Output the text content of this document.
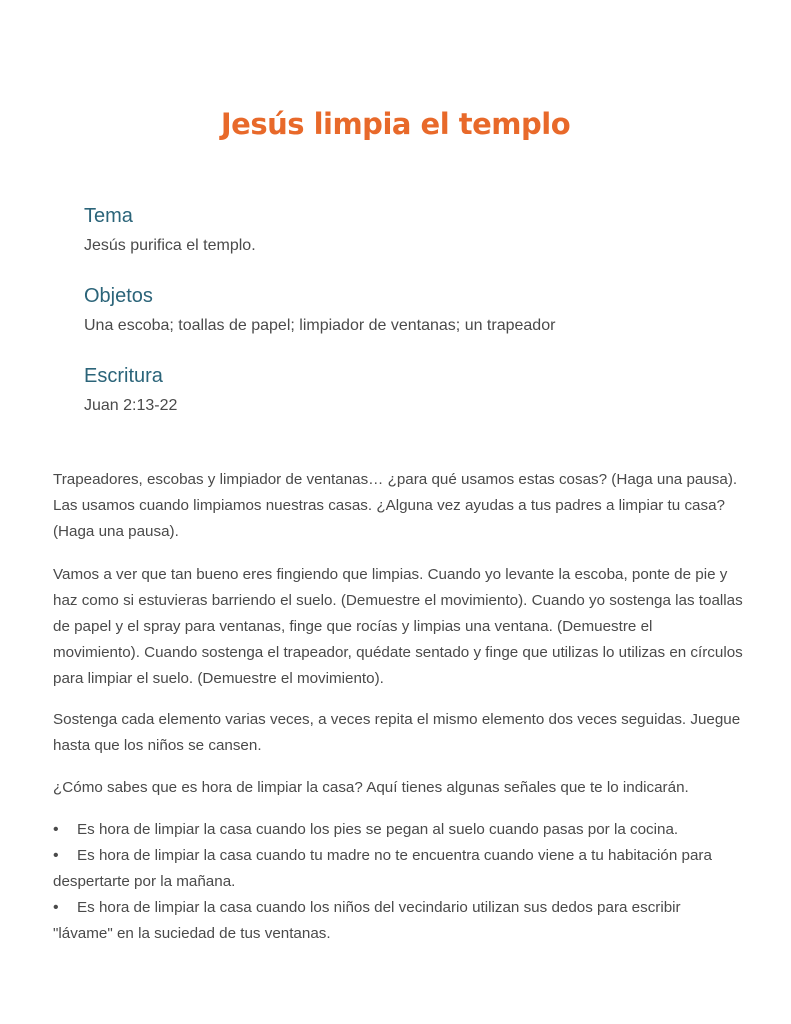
Jesús limpia el templo

Tema

Jesús purifica el templo.

Objetos

Una escoba; toallas de papel; limpiador de ventanas; un trapeador

Escritura

Juan 2:13-22

Trapeadores, escobas y limpiador de ventanas… ¿para qué usamos estas cosas? (Haga una pausa). Las usamos cuando limpiamos nuestras casas. ¿Alguna vez ayudas a tus padres a limpiar tu casa? (Haga una pausa).

Vamos a ver que tan bueno eres fingiendo que limpias. Cuando yo levante la escoba, ponte de pie y haz como si estuvieras barriendo el suelo. (Demuestre el movimiento). Cuando yo sostenga las toallas de papel y el spray para ventanas, finge que rocías y limpias una ventana. (Demuestre el movimiento). Cuando sostenga el trapeador, quédate sentado y finge que utilizas lo utilizas en círculos para limpiar el suelo. (Demuestre el movimiento).

Sostenga cada elemento varias veces, a veces repita el mismo elemento dos veces seguidas. Juegue hasta que los niños se cansen.

¿Cómo sabes que es hora de limpiar la casa? Aquí tienes algunas señales que te lo indicarán.

•Es hora de limpiar la casa cuando los pies se pegan al suelo cuando pasas por la cocina.

•Es hora de limpiar la casa cuando tu madre no te encuentra cuando viene a tu habitación para despertarte por la mañana.

•Es hora de limpiar la casa cuando los niños del vecindario utilizan sus dedos para escribir "lávame" en la suciedad de tus ventanas.
